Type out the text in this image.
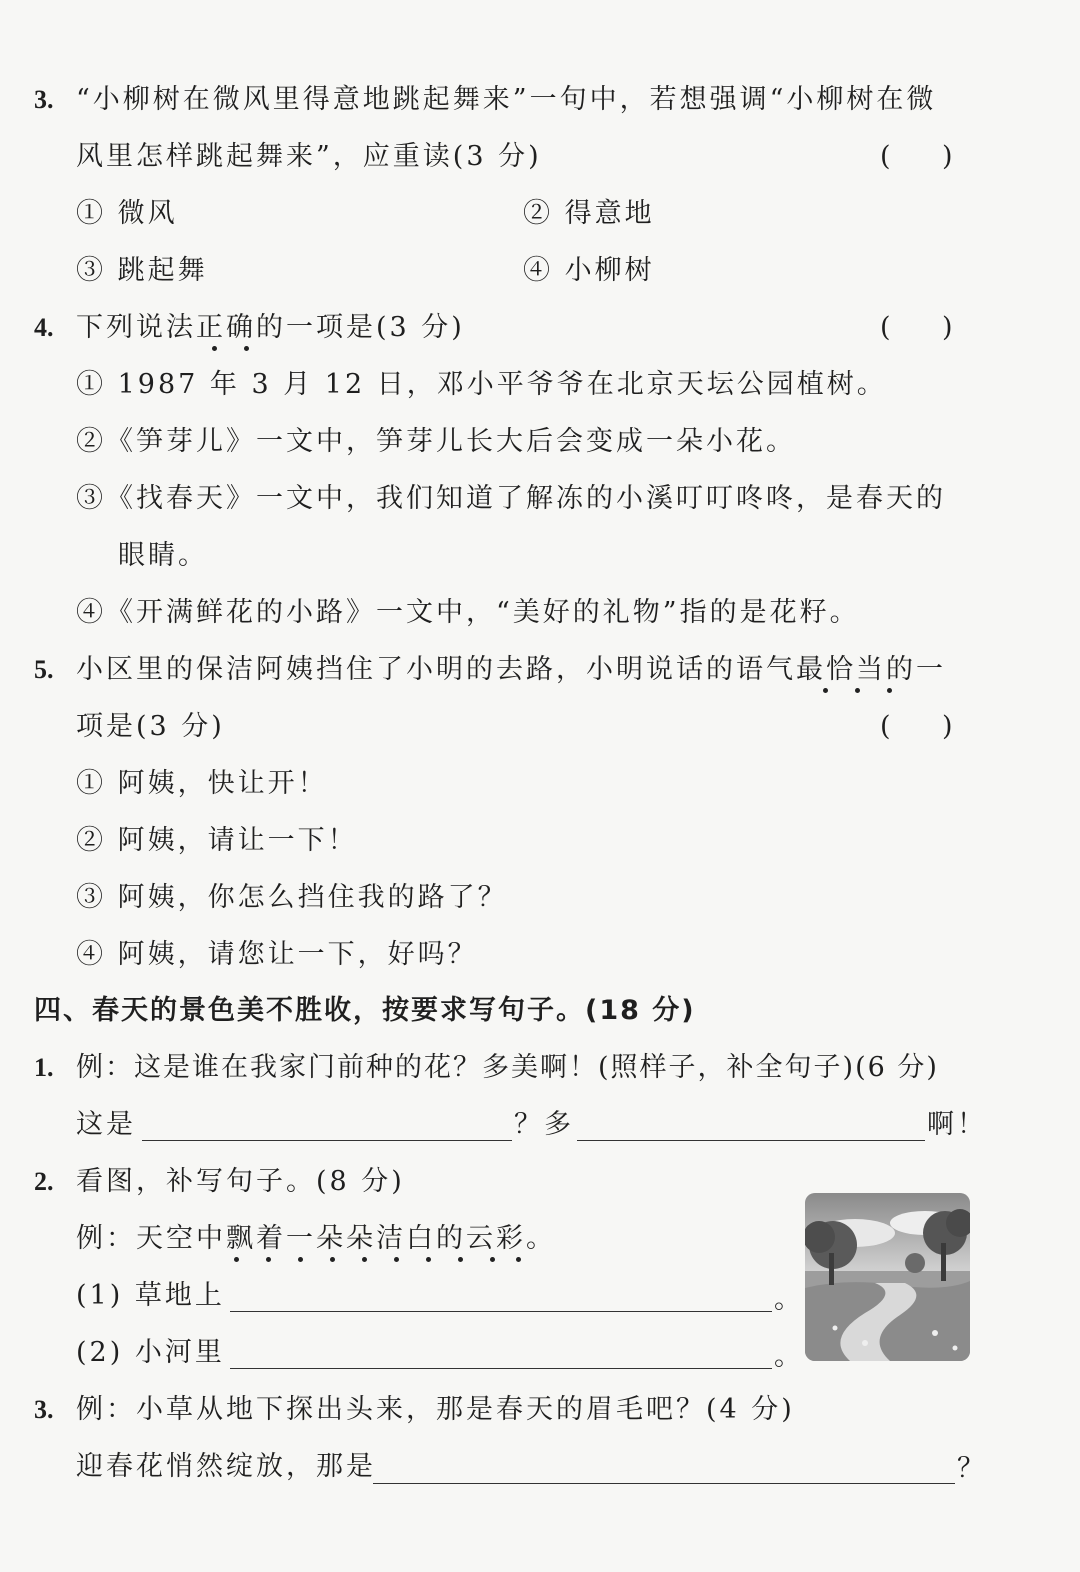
3. “小柳树在微风里得意地跳起舞来”一句中，若想强调“小柳树在微
风里怎样跳起舞来”，应重读(3 分)	( )
① 微风	② 得意地
③ 跳起舞	④ 小柳树
4. 下列说法正确的一项是(3 分)	( )
① 1987 年 3 月 12 日，邓小平爷爷在北京天坛公园植树。
②《笋芽儿》一文中，笋芽儿长大后会变成一朵小花。
③《找春天》一文中，我们知道了解冻的小溪叮叮咚咚，是春天的
眼睛。
④《开满鲜花的小路》一文中，“美好的礼物”指的是花籽。
5. 小区里的保洁阿姨挡住了小明的去路，小明说话的语气最恰当的一
项是(3 分)	( )
① 阿姨，快让开！
② 阿姨，请让一下！
③ 阿姨，你怎么挡住我的路了？
④ 阿姨，请您让一下，好吗？
四、春天的景色美不胜收，按要求写句子。(18 分)
1. 例：这是谁在我家门前种的花？多美啊！(照样子，补全句子)(6 分)
这是	？多	啊！
2. 看图，补写句子。(8 分)
例：天空中飘着一朵朵洁白的云彩。
(1) 草地上	。
(2) 小河里	。
3. 例：小草从地下探出头来，那是春天的眉毛吧？(4 分)
迎春花悄然绽放，那是	？
